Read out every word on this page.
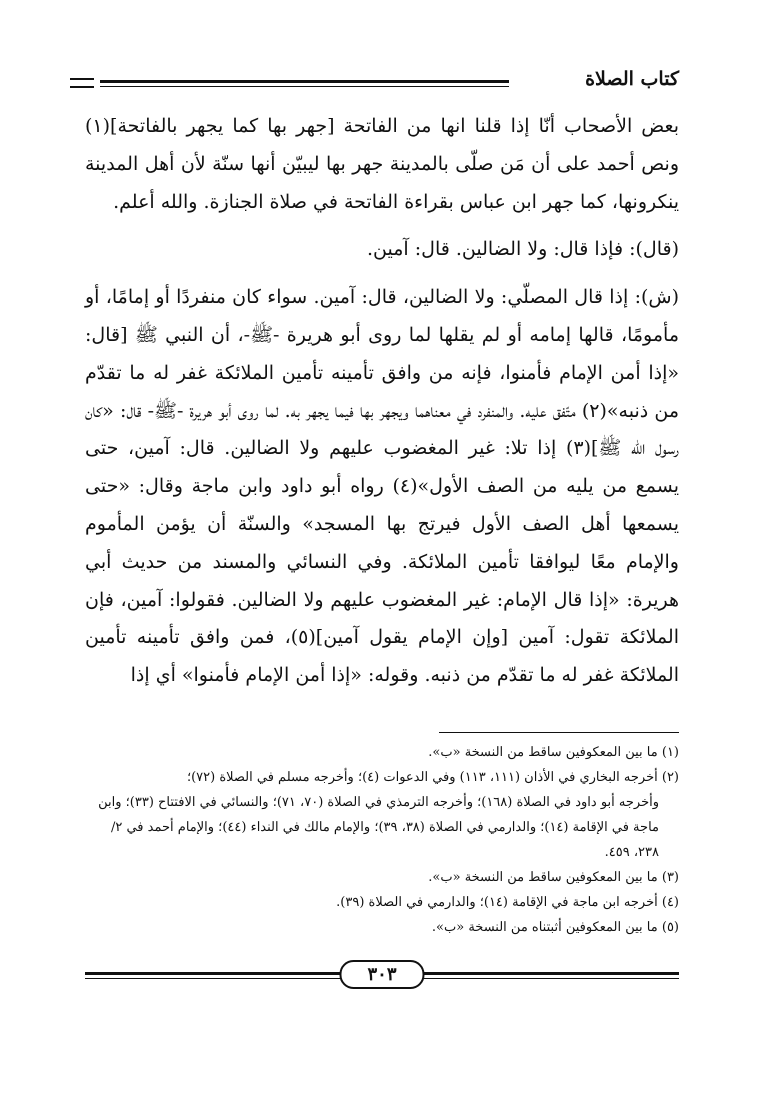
كتاب الصلاة

بعض الأصحاب أنّا إذا قلنا انها من الفاتحة [جهر بها كما يجهر بالفاتحة](١) ونص أحمد على أن مَن صلّى بالمدينة جهر بها ليبيّن أنها سنّة لأن أهل المدينة ينكرونها، كما جهر ابن عباس بقراءة الفاتحة في صلاة الجنازة. والله أعلم.

(قال): فإذا قال: ولا الضالين. قال: آمين.

(ش): إذا قال المصلّي: ولا الضالين، قال: آمين. سواء كان منفردًا أو إمامًا، أو مأمومًا، قالها إمامه أو لم يقلها لما روى أبو هريرة -ﷺ-، أن النبي ﷺ [قال: «إذا أمن الإمام فأمنوا، فإنه من وافق تأمينه تأمين الملائكة غفر له ما تقدّم من ذنبه»(٢) متّفق عليه. والمنفرد في معناهما ويجهر بها فيما يجهر به. لما روى أبو هريرة -ﷺ- قال: «كان رسول الله ﷺ](٣) إذا تلا: غير المغضوب عليهم ولا الضالين. قال: آمين، حتى يسمع من يليه من الصف الأول»(٤) رواه أبو داود وابن ماجة وقال: «حتى يسمعها أهل الصف الأول فيرتج بها المسجد» والسنّة أن يؤمن المأموم والإمام معًا ليوافقا تأمين الملائكة. وفي النسائي والمسند من حديث أبي هريرة: «إذا قال الإمام: غير المغضوب عليهم ولا الضالين. فقولوا: آمين، فإن الملائكة تقول: آمين [وإن الإمام يقول آمين](٥)، فمن وافق تأمينه تأمين الملائكة غفر له ما تقدّم من ذنبه. وقوله: «إذا أمن الإمام فأمنوا» أي إذا

(١) ما بين المعكوفين ساقط من النسخة «ب».

(٢) أخرجه البخاري في الأذان (١١١، ١١٣) وفي الدعوات (٤)؛ وأخرجه مسلم في الصلاة (٧٢)؛

وأخرجه أبو داود في الصلاة (١٦٨)؛ وأخرجه الترمذي في الصلاة (٧٠، ٧١)؛ والنسائي في الافتتاح (٣٣)؛ وابن ماجة في الإقامة (١٤)؛ والدارمي في الصلاة (٣٨، ٣٩)؛ والإمام مالك في النداء (٤٤)؛ والإمام أحمد في ٢/ ٢٣٨، ٤٥٩.

(٣) ما بين المعكوفين ساقط من النسخة «ب».

(٤) أخرجه ابن ماجة في الإقامة (١٤)؛ والدارمي في الصلاة (٣٩).

(٥) ما بين المعكوفين أثبتناه من النسخة «ب».

٣٠٣
